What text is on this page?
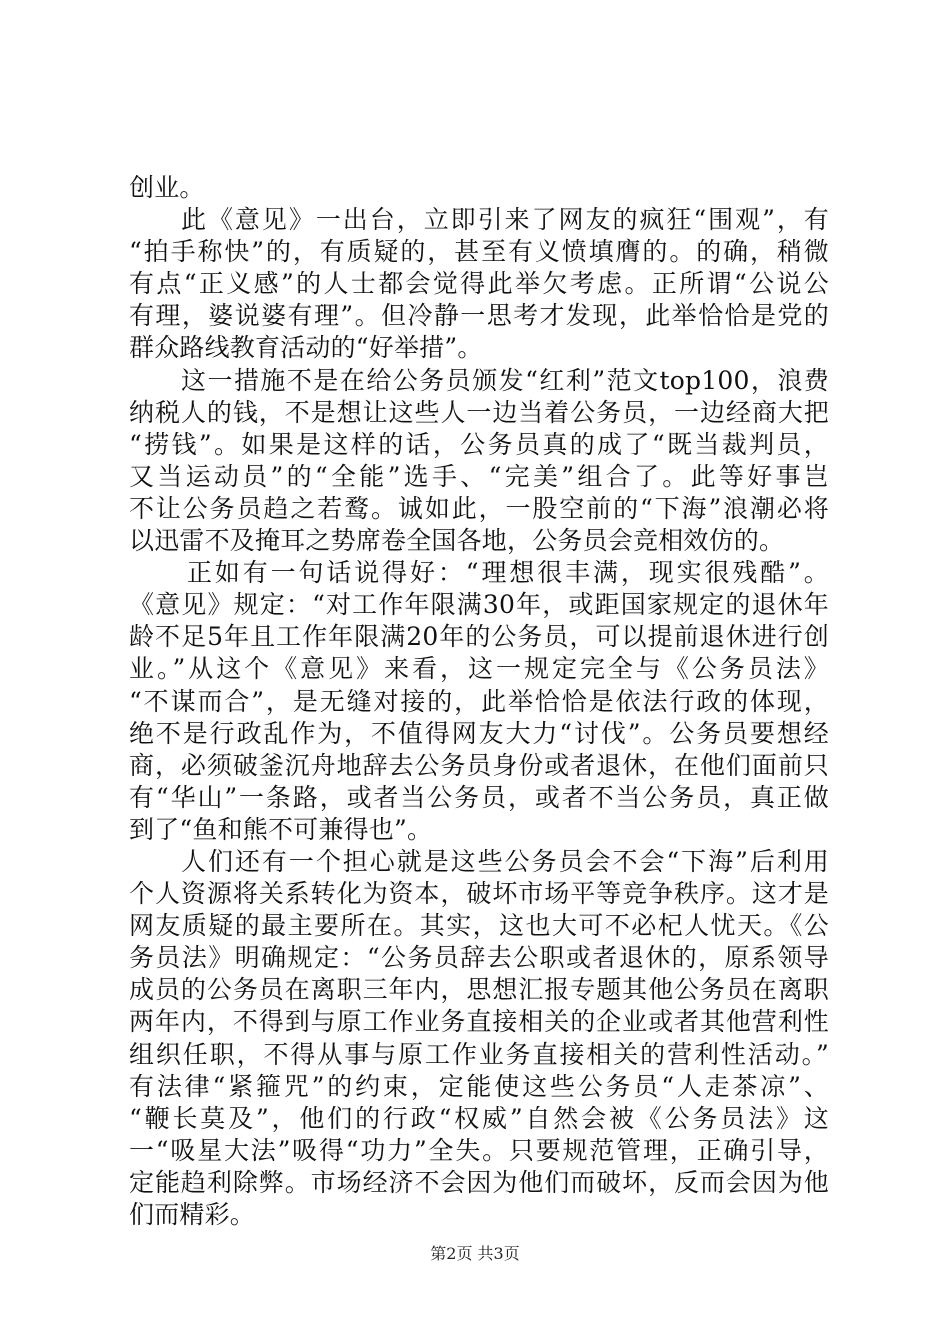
创业。
此《意见》一出台，立即引来了网友的疯狂“围观”，有
“拍手称快”的，有质疑的，甚至有义愤填膺的。的确，稍微
有点“正义感”的人士都会觉得此举欠考虑。正所谓“公说公
有理，婆说婆有理”。但冷静一思考才发现，此举恰恰是党的
群众路线教育活动的“好举措”。
这一措施不是在给公务员颁发“红利”范文top100，浪费
纳税人的钱，不是想让这些人一边当着公务员，一边经商大把
“捞钱”。如果是这样的话，公务员真的成了“既当裁判员，
又当运动员”的“全能”选手、“完美”组合了。此等好事岂
不让公务员趋之若鹜。诚如此，一股空前的“下海”浪潮必将
以迅雷不及掩耳之势席卷全国各地，公务员会竞相效仿的。
正如有一句话说得好：“理想很丰满，现实很残酷”。
《意见》规定：“对工作年限满30年，或距国家规定的退休年
龄不足5年且工作年限满20年的公务员，可以提前退休进行创
业。”从这个《意见》来看，这一规定完全与《公务员法》
“不谋而合”，是无缝对接的，此举恰恰是依法行政的体现，
绝不是行政乱作为，不值得网友大力“讨伐”。公务员要想经
商，必须破釜沉舟地辞去公务员身份或者退休，在他们面前只
有“华山”一条路，或者当公务员，或者不当公务员，真正做
到了“鱼和熊不可兼得也”。
人们还有一个担心就是这些公务员会不会“下海”后利用
个人资源将关系转化为资本，破坏市场平等竞争秩序。这才是
网友质疑的最主要所在。其实，这也大可不必杞人忧天。《公
务员法》明确规定：“公务员辞去公职或者退休的，原系领导
成员的公务员在离职三年内，思想汇报专题其他公务员在离职
两年内，不得到与原工作业务直接相关的企业或者其他营利性
组织任职，不得从事与原工作业务直接相关的营利性活动。”
有法律“紧箍咒”的约束，定能使这些公务员“人走茶凉”、
“鞭长莫及”，他们的行政“权威”自然会被《公务员法》这
一“吸星大法”吸得“功力”全失。只要规范管理，正确引导，
定能趋利除弊。市场经济不会因为他们而破坏，反而会因为他
们而精彩。
第2页 共3页
